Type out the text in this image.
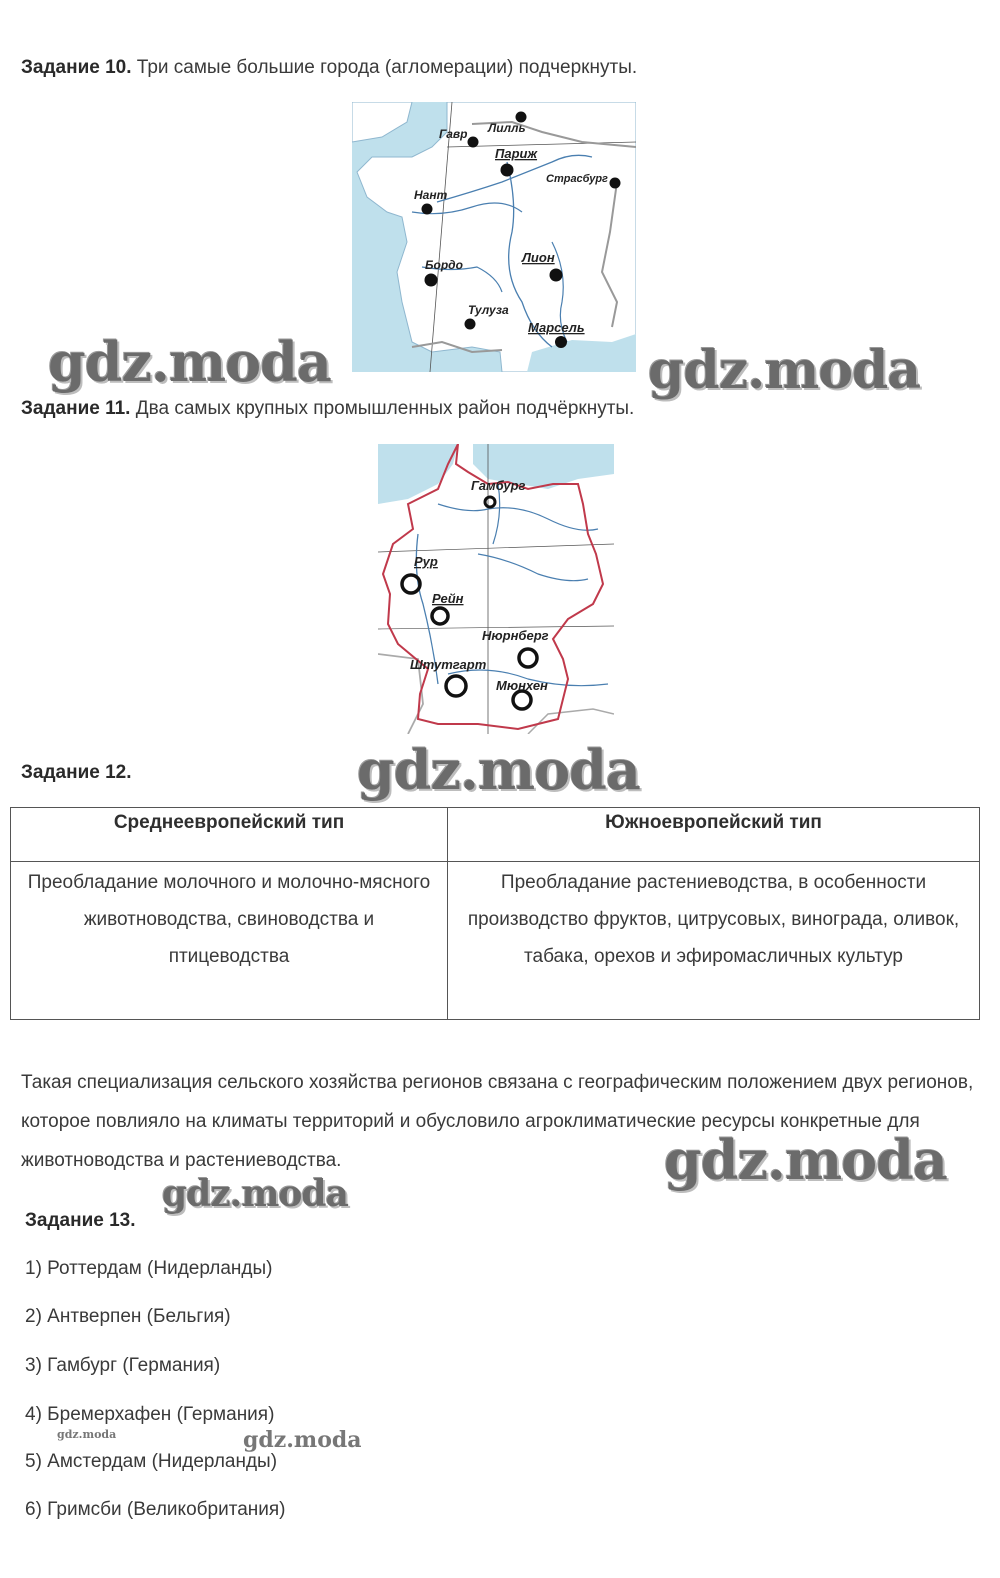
Задание 10. Три самые большие города (агломерации) подчеркнуты.
Гавр Лилль
Париж
Страсбург
Нант
Лион
Бордо
Тулуза
Марсель
gdz.moda	gdz.moda
Задание 11. Два самых крупных промышленных район подчёркнуты.
Гамбург
Рур
Рейн
Нюрнберг
Штутгарт
Мюнхен
Задание 12.	gdz.moda
Среднеевропейский тип	Южноевропейский тип
Преобладание молочного и молочно-мясного животноводства, свиноводства и птицеводства	Преобладание растениеводства, в особенности производство фруктов, цитрусовых, винограда, оливок, табака, орехов и эфиромасличных культур
Такая специализация сельского хозяйства регионов связана с географическим положением двух регионов, которое повлияло на климаты территорий и обусловило агроклиматические ресурсы конкретные для животноводства и растениеводства.	gdz.moda
gdz.moda
Задание 13.
1) Роттердам (Нидерланды)
2) Антверпен (Бельгия)
3) Гамбург (Германия)
4) Бремерхафен (Германия)
5) Амстердам (Нидерланды)
6) Гримсби (Великобритания)
gdz.moda	gdz.moda
